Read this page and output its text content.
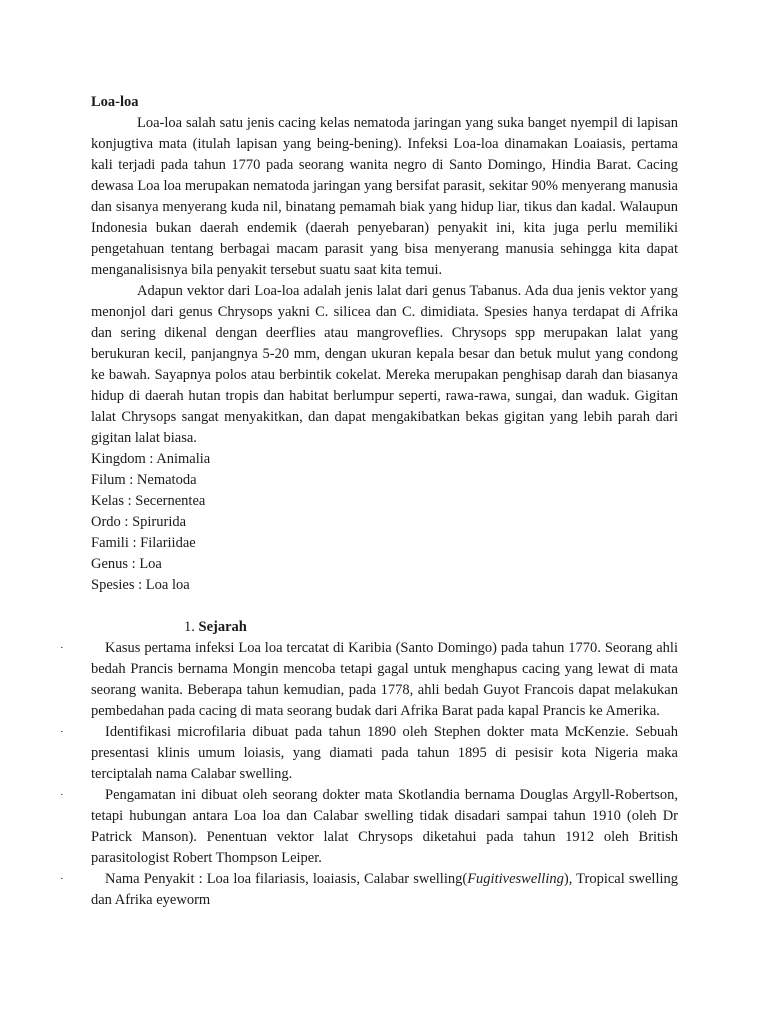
Loa-loa

Loa-loa salah satu jenis cacing kelas nematoda jaringan yang suka banget nyempil di lapisan konjugtiva mata (itulah lapisan yang being-bening). Infeksi Loa-loa dinamakan Loaiasis, pertama kali terjadi pada tahun 1770 pada seorang wanita negro di Santo Domingo, Hindia Barat. Cacing dewasa Loa loa merupakan nematoda jaringan yang bersifat parasit, sekitar 90% menyerang manusia dan sisanya menyerang kuda nil, binatang pemamah biak yang hidup liar, tikus dan kadal. Walaupun Indonesia bukan daerah endemik (daerah penyebaran) penyakit ini, kita juga perlu memiliki pengetahuan tentang berbagai macam parasit yang bisa menyerang manusia sehingga kita dapat menganalisisnya bila penyakit tersebut suatu saat kita temui.

Adapun vektor dari Loa-loa adalah jenis lalat dari genus Tabanus. Ada dua jenis vektor yang menonjol dari genus Chrysops yakni C. silicea dan C. dimidiata. Spesies hanya terdapat di Afrika dan sering dikenal dengan deerflies atau mangroveflies. Chrysops spp merupakan lalat yang berukuran kecil, panjangnya 5-20 mm, dengan ukuran kepala besar dan betuk mulut yang condong ke bawah. Sayapnya polos atau berbintik cokelat. Mereka merupakan penghisap darah dan biasanya hidup di daerah hutan tropis dan habitat berlumpur seperti, rawa-rawa, sungai, dan waduk. Gigitan lalat Chrysops sangat menyakitkan, dan dapat mengakibatkan bekas gigitan yang lebih parah dari gigitan lalat biasa.

Kingdom : Animalia
Filum : Nematoda
Kelas : Secernentea
Ordo : Spirurida
Famili : Filariidae
Genus : Loa
Spesies : Loa loa
1. Sejarah

·	Kasus pertama infeksi Loa loa tercatat di Karibia (Santo Domingo) pada tahun 1770. Seorang ahli bedah Prancis bernama Mongin mencoba tetapi gagal untuk menghapus cacing yang lewat di mata seorang wanita. Beberapa tahun kemudian, pada 1778, ahli bedah Guyot Francois dapat melakukan pembedahan pada cacing di mata seorang budak dari Afrika Barat pada kapal Prancis ke Amerika.

·	Identifikasi microfilaria dibuat pada tahun 1890 oleh Stephen dokter mata McKenzie. Sebuah presentasi klinis umum loiasis, yang diamati pada tahun 1895 di pesisir kota Nigeria maka terciptalah nama Calabar swelling.

·	Pengamatan ini dibuat oleh seorang dokter mata Skotlandia bernama Douglas Argyll-Robertson, tetapi hubungan antara Loa loa dan Calabar swelling tidak disadari sampai tahun 1910 (oleh Dr Patrick Manson). Penentuan vektor lalat Chrysops diketahui pada tahun 1912 oleh British parasitologist Robert Thompson Leiper.

·	Nama Penyakit : Loa loa filariasis, loaiasis, Calabar swelling(Fugitiveswelling), Tropical swelling dan Afrika eyeworm
